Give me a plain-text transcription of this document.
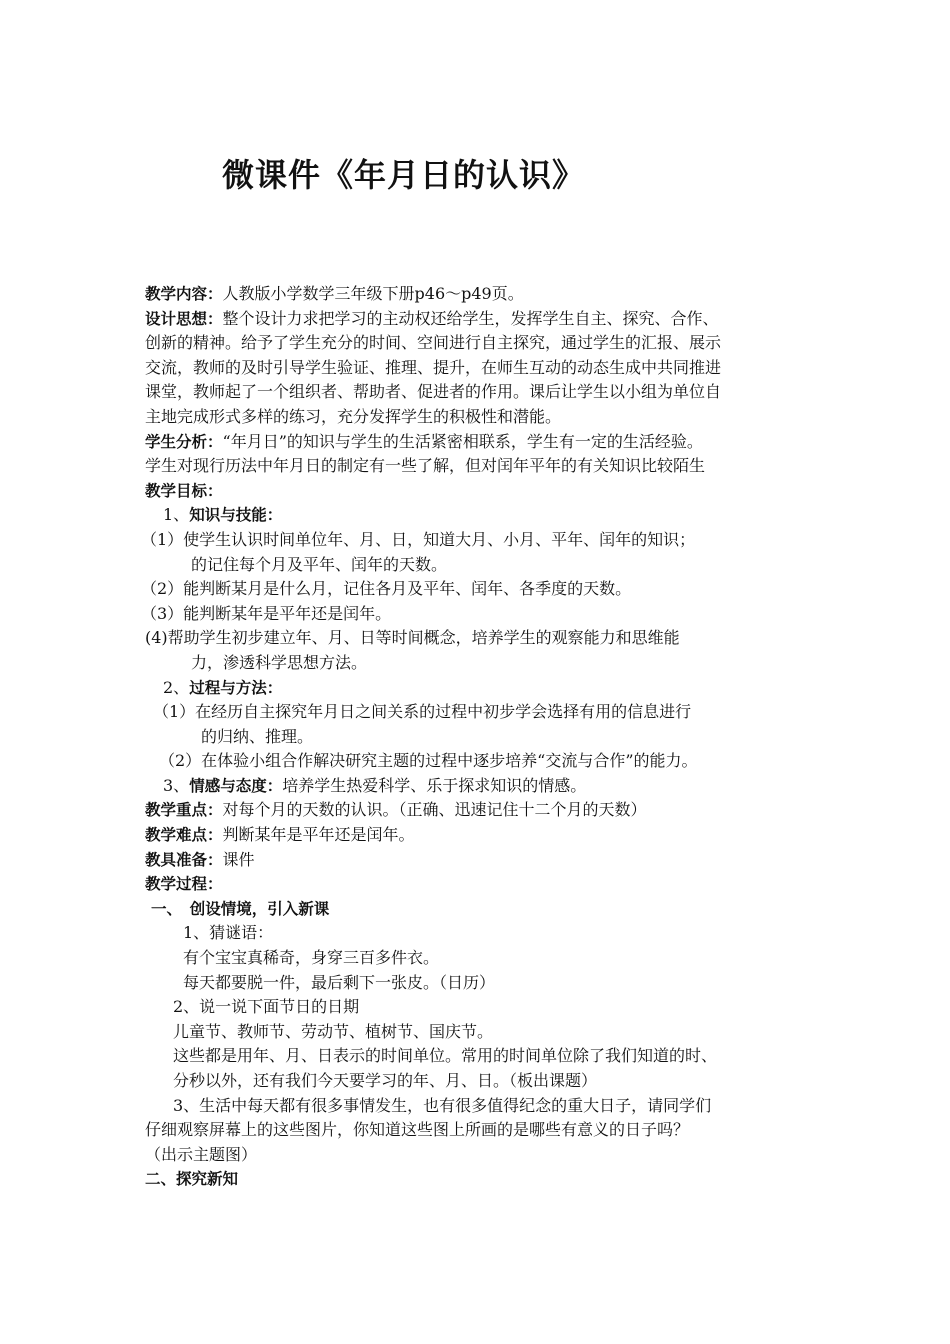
微课件《年月日的认识》
教学内容：人教版小学数学三年级下册p46～p49页。
设计思想：整个设计力求把学习的主动权还给学生，发挥学生自主、探究、合作、
创新的精神。给予了学生充分的时间、空间进行自主探究，通过学生的汇报、展示
交流，教师的及时引导学生验证、推理、提升，在师生互动的动态生成中共同推进
课堂，教师起了一个组织者、帮助者、促进者的作用。课后让学生以小组为单位自
主地完成形式多样的练习，充分发挥学生的积极性和潜能。
学生分析：“年月日”的知识与学生的生活紧密相联系，学生有一定的生活经验。
学生对现行历法中年月日的制定有一些了解，但对闰年平年的有关知识比较陌生
教学目标：
1、知识与技能：
（1）使学生认识时间单位年、月、日，知道大月、小月、平年、闰年的知识；
的记住每个月及平年、闰年的天数。
（2）能判断某月是什么月，记住各月及平年、闰年、各季度的天数。
（3）能判断某年是平年还是闰年。
(4)帮助学生初步建立年、月、日等时间概念，培养学生的观察能力和思维能
力，渗透科学思想方法。
2、过程与方法：
（1）在经历自主探究年月日之间关系的过程中初步学会选择有用的信息进行
的归纳、推理。
（2）在体验小组合作解决研究主题的过程中逐步培养“交流与合作”的能力。
3、情感与态度：培养学生热爱科学、乐于探求知识的情感。
教学重点：对每个月的天数的认识。（正确、迅速记住十二个月的天数）
教学难点：判断某年是平年还是闰年。
教具准备：课件
教学过程：
一、　创设情境，引入新课
1、猜谜语：
有个宝宝真稀奇，身穿三百多件衣。
每天都要脱一件，最后剩下一张皮。（日历）
2、说一说下面节日的日期
儿童节、教师节、劳动节、植树节、国庆节。
这些都是用年、月、日表示的时间单位。常用的时间单位除了我们知道的时、
分秒以外，还有我们今天要学习的年、月、日。（板出课题）
3、生活中每天都有很多事情发生，也有很多值得纪念的重大日子，请同学们
仔细观察屏幕上的这些图片，你知道这些图上所画的是哪些有意义的日子吗？
（出示主题图）
二、探究新知
